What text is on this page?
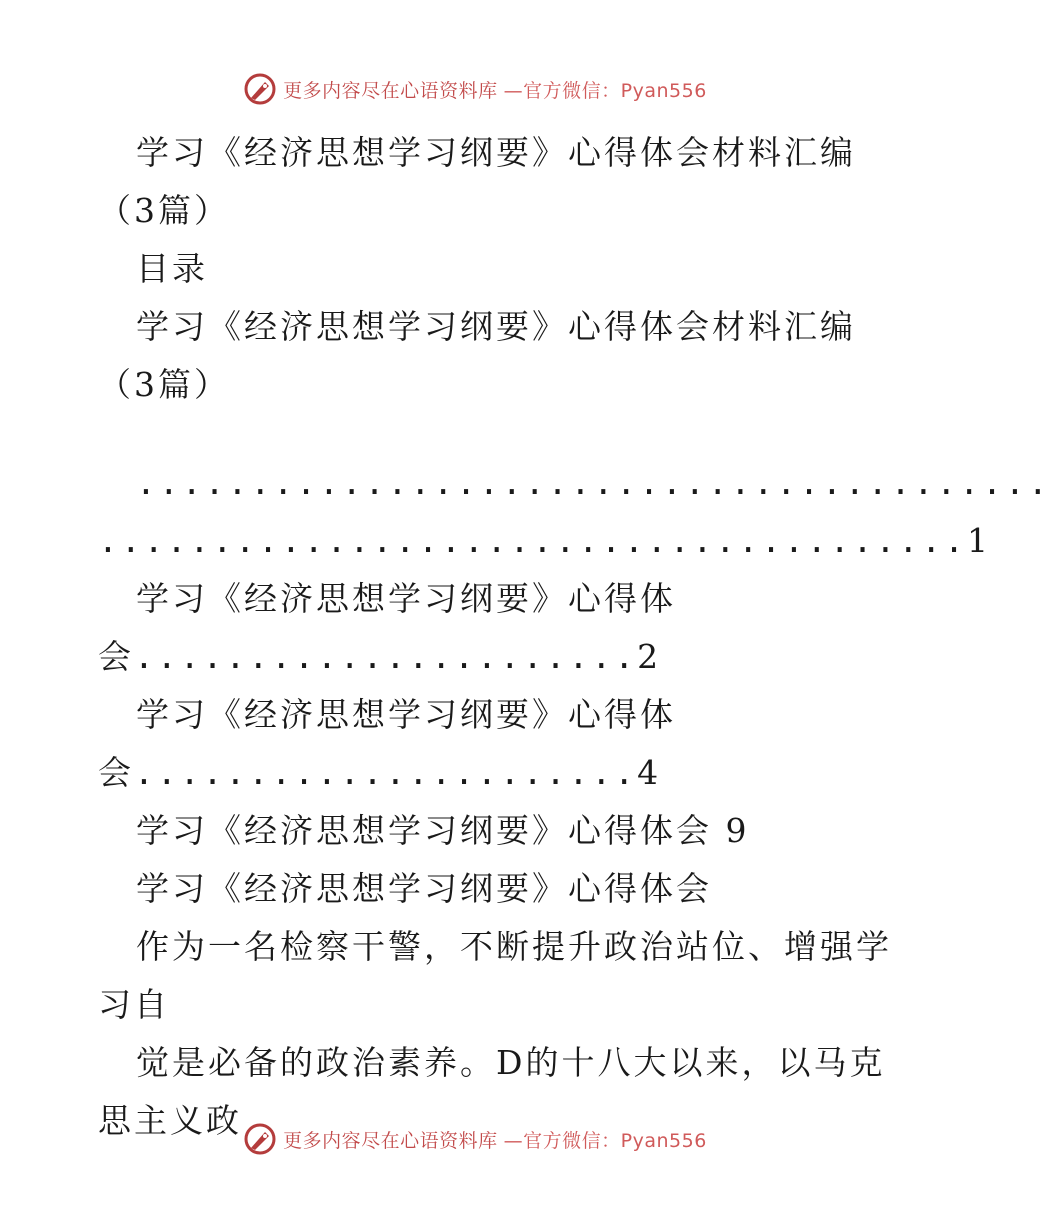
更多内容尽在心语资料库 —官方微信：Pyan556
学习《经济思想学习纲要》心得体会材料汇编
（3篇）
目录
学习《经济思想学习纲要》心得体会材料汇编
（3篇）
........................................
......................................1
学习《经济思想学习纲要》心得体
会......................2
学习《经济思想学习纲要》心得体
会......................4
学习《经济思想学习纲要》心得体会 9
学习《经济思想学习纲要》心得体会
作为一名检察干警，不断提升政治站位、增强学
习自
觉是必备的政治素养。D的十八大以来，以马克
思主义政
更多内容尽在心语资料库 —官方微信：Pyan556
